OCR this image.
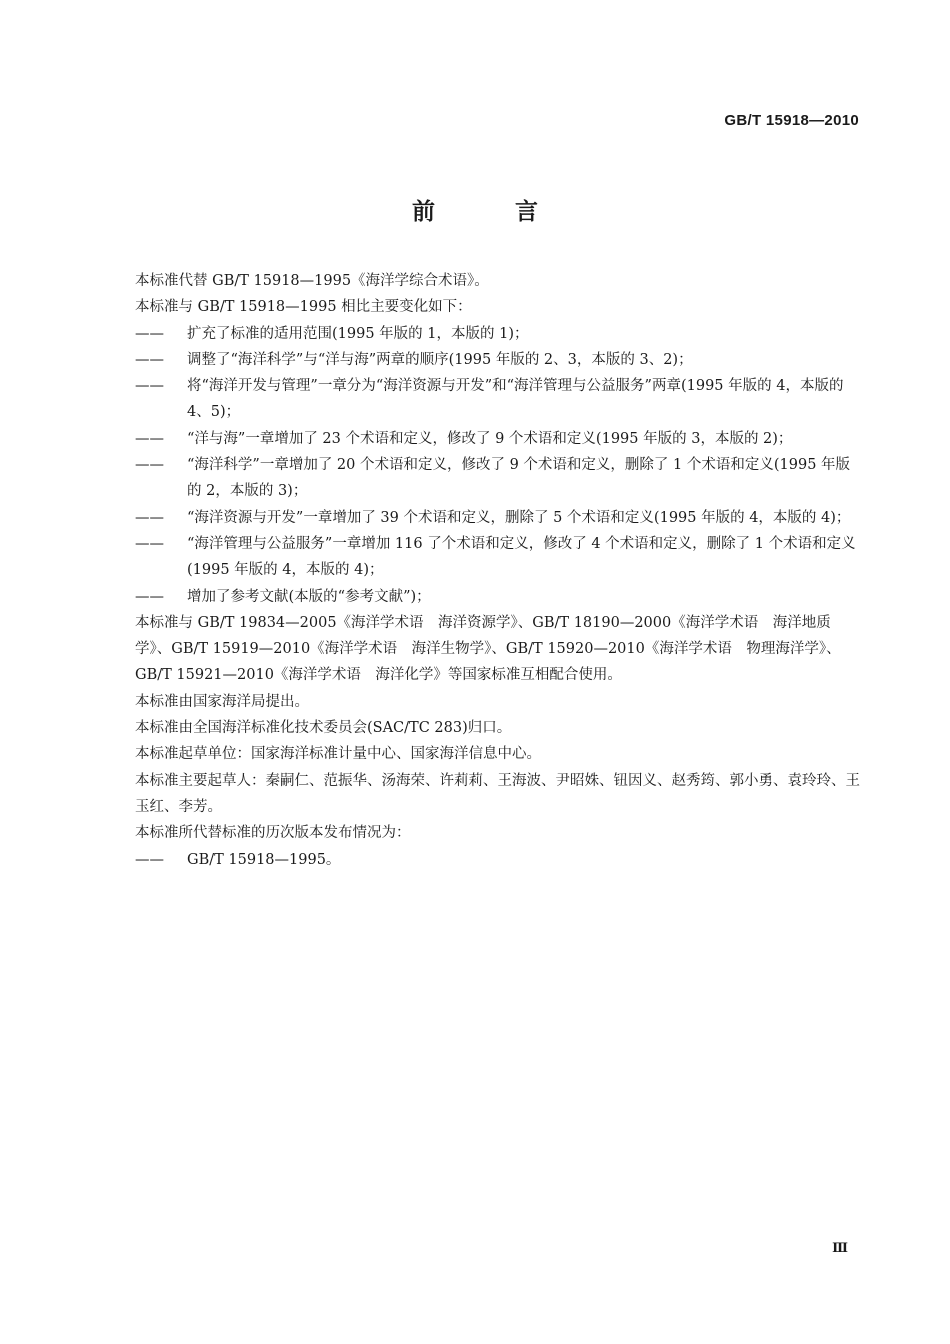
GB/T 15918—2010
前 言

本标准代替 GB/T 15918—1995《海洋学综合术语》。

本标准与 GB/T 15918—1995 相比主要变化如下：

—— 扩充了标准的适用范围(1995 年版的 1，本版的 1)；

—— 调整了“海洋科学”与“洋与海”两章的顺序(1995 年版的 2、3，本版的 3、2)；

—— 将“海洋开发与管理”一章分为“海洋资源与开发”和“海洋管理与公益服务”两章(1995 年版的 4，本版的 4、5)；

—— “洋与海”一章增加了 23 个术语和定义，修改了 9 个术语和定义(1995 年版的 3，本版的 2)；

—— “海洋科学”一章增加了 20 个术语和定义，修改了 9 个术语和定义，删除了 1 个术语和定义(1995 年版的 2，本版的 3)；

—— “海洋资源与开发”一章增加了 39 个术语和定义，删除了 5 个术语和定义(1995 年版的 4，本版的 4)；

—— “海洋管理与公益服务”一章增加 116 了个术语和定义，修改了 4 个术语和定义，删除了 1 个术语和定义(1995 年版的 4，本版的 4)；

—— 增加了参考文献(本版的“参考文献”)；

本标准与 GB/T 19834—2005《海洋学术语　海洋资源学》、GB/T 18190—2000《海洋学术语　海洋地质学》、GB/T 15919—2010《海洋学术语　海洋生物学》、GB/T 15920—2010《海洋学术语　物理海洋学》、GB/T 15921—2010《海洋学术语　海洋化学》等国家标准互相配合使用。

本标准由国家海洋局提出。

本标准由全国海洋标准化技术委员会(SAC/TC 283)归口。

本标准起草单位：国家海洋标准计量中心、国家海洋信息中心。

本标准主要起草人：秦嗣仁、范振华、汤海荣、许莉莉、王海波、尹昭姝、钮因义、赵秀筠、郭小勇、袁玲玲、王玉红、李芳。

本标准所代替标准的历次版本发布情况为：

—— GB/T 15918—1995。

Ⅲ
